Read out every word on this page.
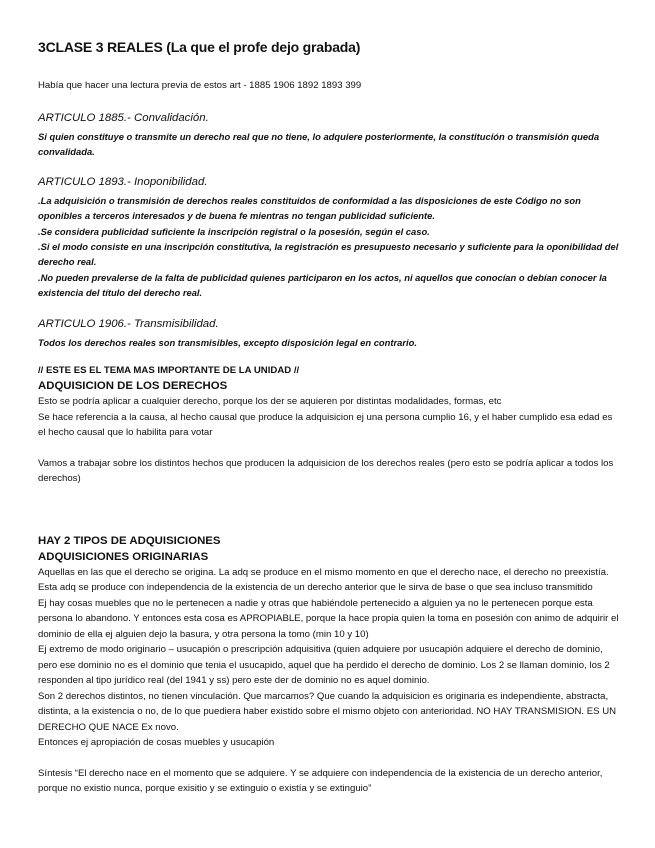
3CLASE 3 REALES (La que el profe dejo grabada)

Había que hacer una lectura previa de estos art - 1885 1906 1892 1893 399

ARTICULO 1885.- Convalidación.

Si quien constituye o transmite un derecho real que no tiene, lo adquiere posteriormente, la constitución o transmisión queda convalidada.

ARTICULO 1893.- Inoponibilidad.

.La adquisición o transmisión de derechos reales constituidos de conformidad a las disposiciones de este Código no son oponibles a terceros interesados y de buena fe mientras no tengan publicidad suficiente.

.Se considera publicidad suficiente la inscripción registral o la posesión, según el caso.

.Si el modo consiste en una inscripción constitutiva, la registración es presupuesto necesario y suficiente para la oponibilidad del derecho real.

.No pueden prevalerse de la falta de publicidad quienes participaron en los actos, ni aquellos que conocían o debían conocer la existencia del título del derecho real.

ARTICULO 1906.- Transmisibilidad.

Todos los derechos reales son transmisibles, excepto disposición legal en contrario.

// ESTE ES EL TEMA MAS IMPORTANTE DE LA UNIDAD //

ADQUISICION DE LOS DERECHOS

Esto se podría aplicar a cualquier derecho, porque los der se aquieren por distintas modalidades, formas, etc

Se hace referencia a la causa, al hecho causal que produce la adquisicion ej una persona cumplio 16, y el haber cumplido esa edad es el hecho causal que lo habilita para votar

Vamos a trabajar sobre los distintos hechos que producen la adquisicion de los derechos reales (pero esto se podría aplicar a todos los derechos)

HAY 2 TIPOS DE ADQUISICIONES

ADQUISICIONES ORIGINARIAS

Aquellas en las que el derecho se origina. La adq se produce en el mismo momento en que el derecho nace, el derecho no preexistía. Esta adq se produce con independencia de la existencia de un derecho anterior que le sirva de base o que sea incluso transmitido

Ej hay cosas muebles que no le pertenecen a nadie y otras que habiéndole pertenecido a alguien ya no le pertenecen porque esta persona lo abandono. Y entonces esta cosa es APROPIABLE, porque la hace propia quien la toma en posesión con animo de adquirir el dominio de ella ej alguien dejo la basura, y otra persona la tomo (min 10 y 10)

Ej extremo de modo originario – usucapión o prescripción adquisitiva (quien adquiere por usucapión adquiere el derecho de dominio, pero ese dominio no es el dominio que tenia el usucapido, aquel que ha perdido el derecho de dominio. Los 2 se llaman dominio, los 2 responden al tipo jurídico real (del 1941 y ss) pero este der de dominio no es aquel dominio.

Son 2 derechos distintos, no tienen vinculación. Que marcamos? Que cuando la adquisicion es originaria es independiente, abstracta, distinta, a la existencia o no, de lo que puediera haber existido sobre el mismo objeto con anterioridad. NO HAY TRANSMISION. ES UN DERECHO QUE NACE Ex novo.

Entonces ej apropiación de cosas muebles y usucapión

Síntesis “El derecho nace en el momento que se adquiere. Y se adquiere con independencia de la existencia de un derecho anterior, porque no existio nunca, porque exisitio y se extinguio o existía y se extinguio”
